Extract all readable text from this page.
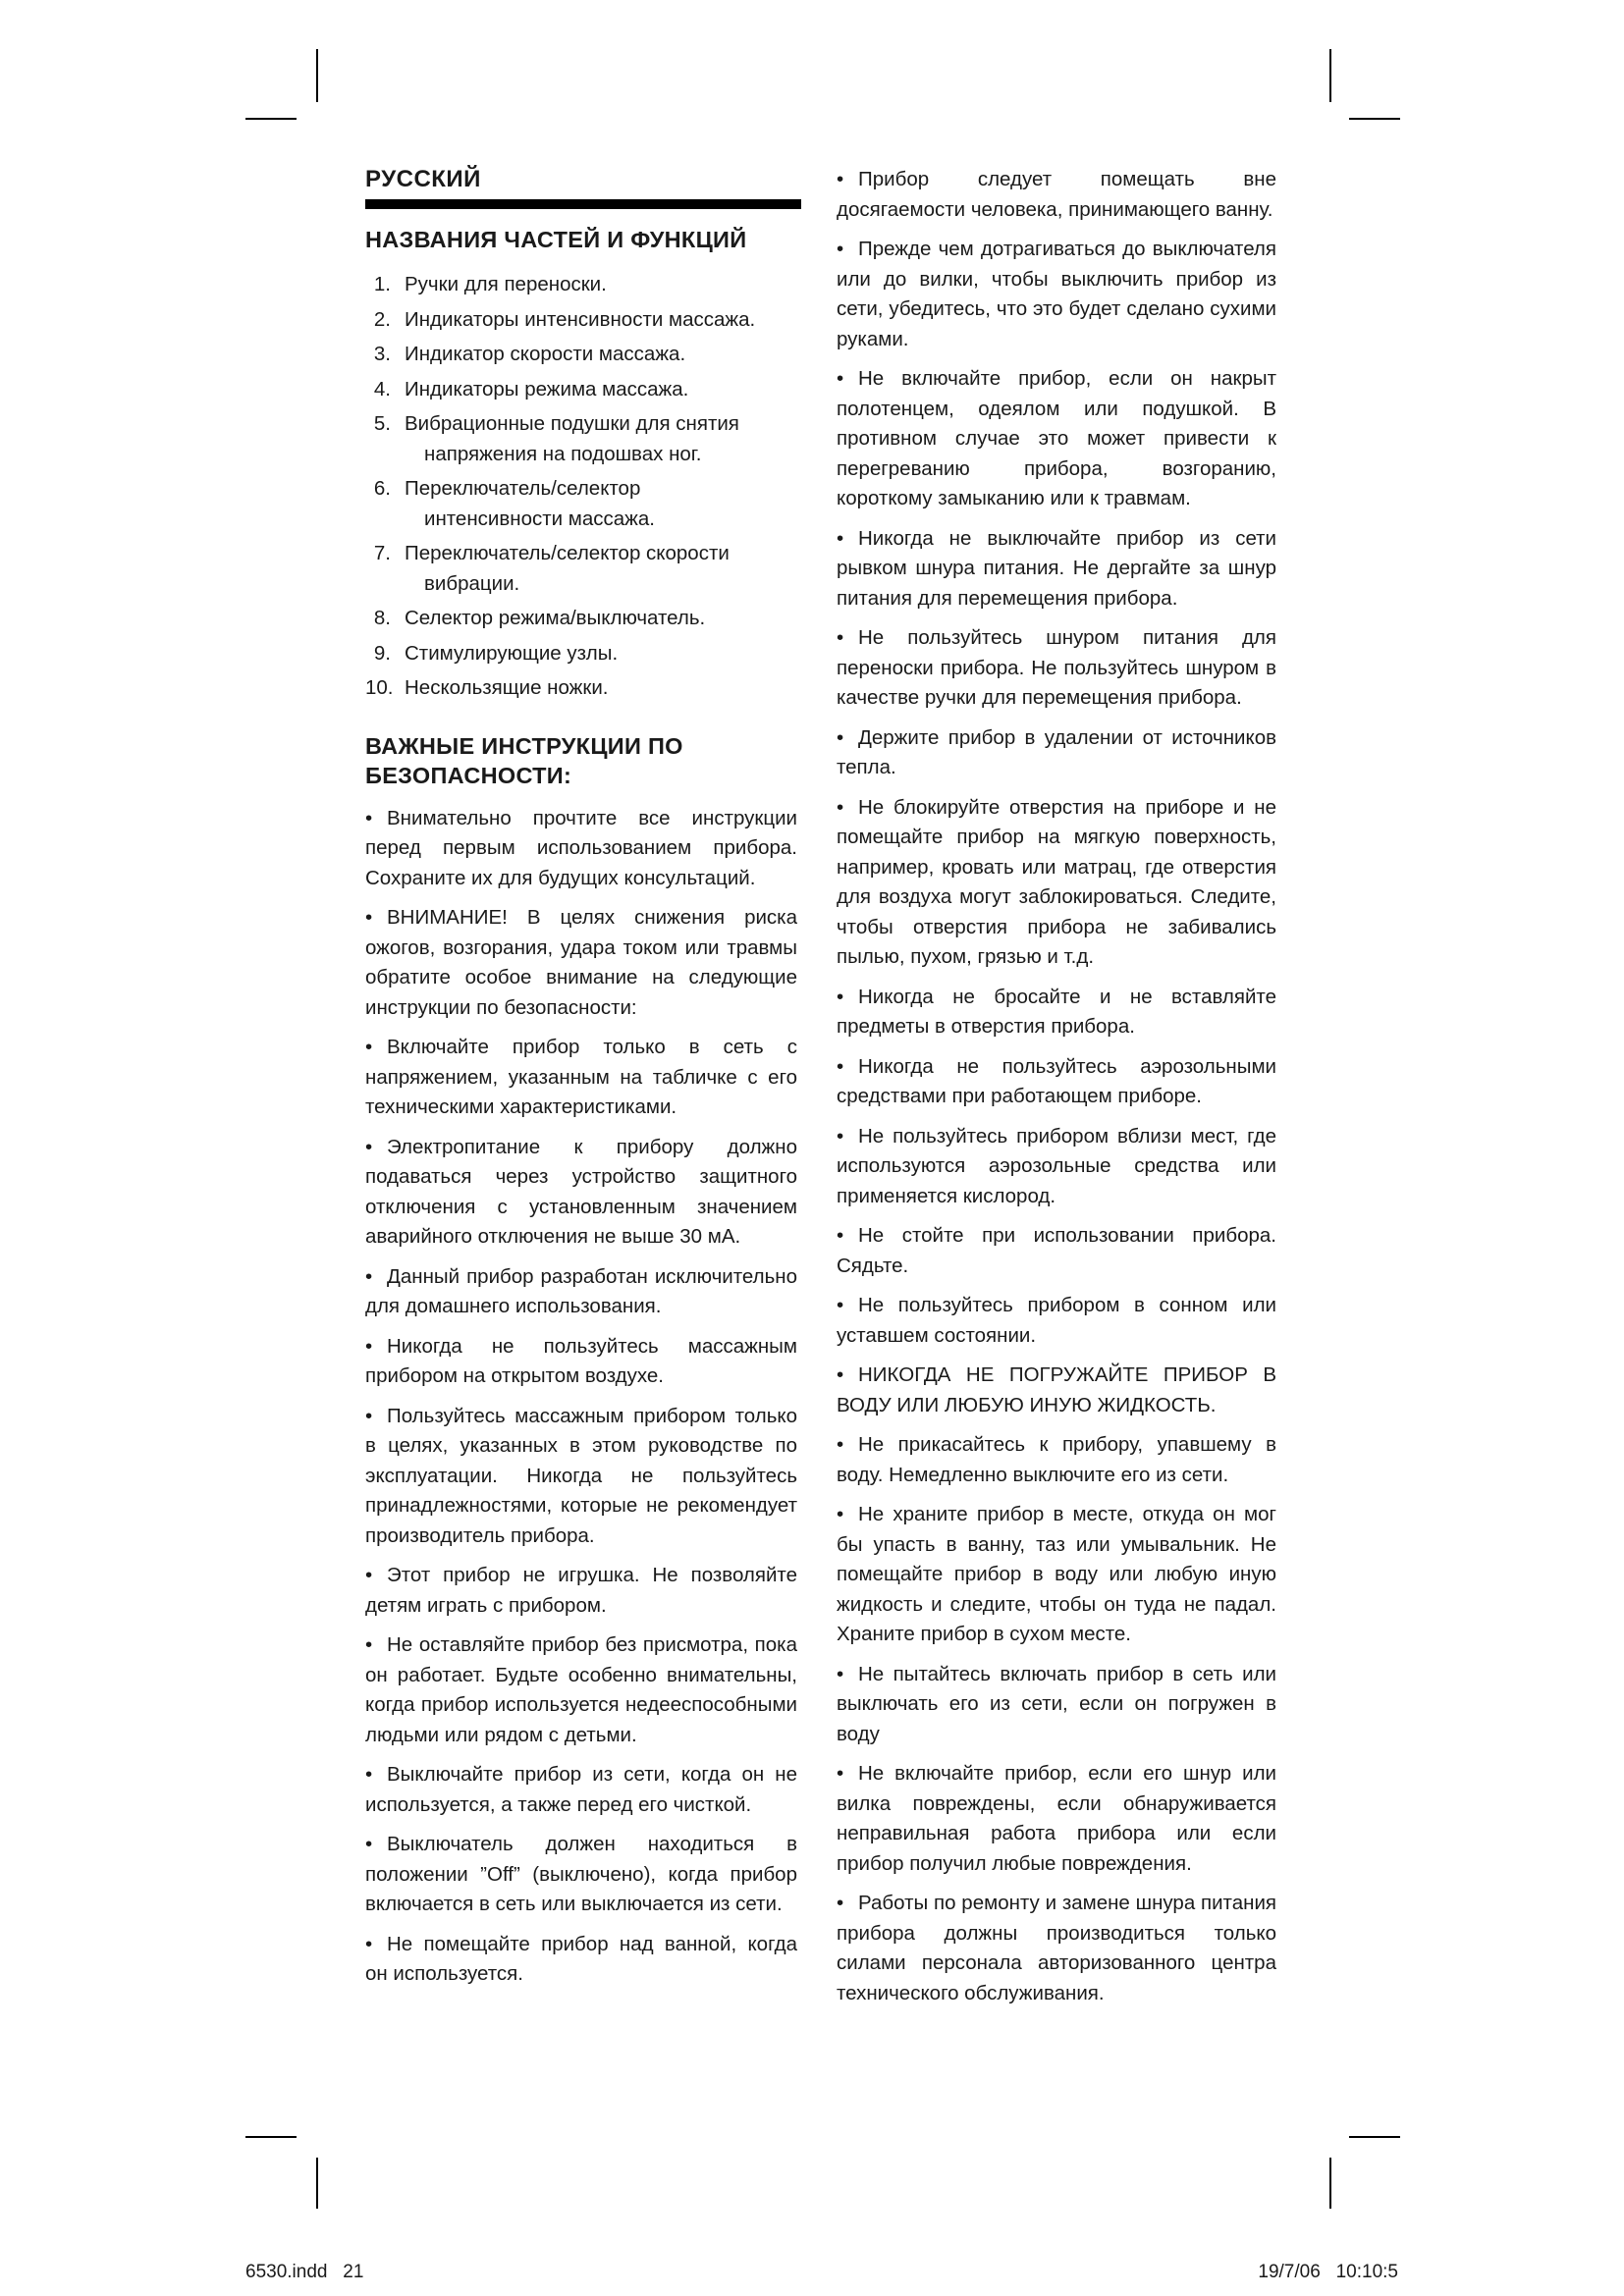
РУССКИЙ
НАЗВАНИЯ ЧАСТЕЙ И ФУНКЦИЙ
1. Ручки для переноски.
2. Индикаторы интенсивности массажа.
3. Индикатор скорости массажа.
4. Индикаторы режима массажа.
5. Вибрационные подушки для снятия
напряжения на подошвах ног.
6. Переключатель/селектор
интенсивности массажа.
7. Переключатель/селектор скорости
вибрации.
8. Селектор режима/выключатель.
9. Стимулирующие узлы.
10. Нескользящие ножки.
ВАЖНЫЕ ИНСТРУКЦИИ ПО БЕЗОПАСНОСТИ:

• Внимательно прочтите все инструкции перед первым использованием прибора. Сохраните их для будущих консультаций.

• ВНИМАНИЕ! В целях снижения риска ожогов, возгорания, удара током или травмы обратите особое внимание на следующие инструкции по безопасности:

• Включайте прибор только в сеть с напряжением, указанным на табличке с его техническими характеристиками.

• Электропитание к прибору должно подаваться через устройство защитного отключения с установленным значением аварийного отключения не выше 30 мА.

• Данный прибор разработан исключительно для домашнего использования.

• Никогда не пользуйтесь массажным прибором на открытом воздухе.

• Пользуйтесь массажным прибором только в целях, указанных в этом руководстве по эксплуатации. Никогда не пользуйтесь принадлежностями, которые не рекомендует производитель прибора.

• Этот прибор не игрушка. Не позволяйте детям играть с прибором.

• Не оставляйте прибор без присмотра, пока он работает. Будьте особенно внимательны, когда прибор используется недееспособными людьми или рядом с детьми.

• Выключайте прибор из сети, когда он не используется, а также перед его чисткой.

• Выключатель должен находиться в положении ”Off” (выключено), когда прибор включается в сеть или выключается из сети.

• Не помещайте прибор над ванной, когда он используется.

• Прибор следует помещать вне досягаемости человека, принимающего ванну.

• Прежде чем дотрагиваться до выключателя или до вилки, чтобы выключить прибор из сети, убедитесь, что это будет сделано сухими руками.

• Не включайте прибор, если он накрыт полотенцем, одеялом или подушкой. В противном случае это может привести к перегреванию прибора, возгоранию, короткому замыканию или к травмам.

• Никогда не выключайте прибор из сети рывком шнура питания. Не дергайте за шнур питания для перемещения прибора.

• Не пользуйтесь шнуром питания для переноски прибора. Не пользуйтесь шнуром в качестве ручки для перемещения прибора.

• Держите прибор в удалении от источников тепла.

• Не блокируйте отверстия на приборе и не помещайте прибор на мягкую поверхность, например, кровать или матрац, где отверстия для воздуха могут заблокироваться. Следите, чтобы отверстия прибора не забивались пылью, пухом, грязью и т.д.

• Никогда не бросайте и не вставляйте предметы в отверстия прибора.

• Никогда не пользуйтесь аэрозольными средствами при работающем приборе.

• Не пользуйтесь прибором вблизи мест, где используются аэрозольные средства или применяется кислород.

• Не стойте при использовании прибора. Сядьте.

• Не пользуйтесь прибором в сонном или уставшем состоянии.

• НИКОГДА НЕ ПОГРУЖАЙТЕ ПРИБОР В ВОДУ ИЛИ ЛЮБУЮ ИНУЮ ЖИДКОСТЬ.

• Не прикасайтесь к прибору, упавшему в воду. Немедленно выключите его из сети.

• Не храните прибор в месте, откуда он мог бы упасть в ванну, таз или умывальник. Не помещайте прибор в воду или любую иную жидкость и следите, чтобы он туда не падал. Храните прибор в сухом месте.

• Не пытайтесь включать прибор в сеть или выключать его из сети, если он погружен в воду

• Не включайте прибор, если его шнур или вилка повреждены, если обнаруживается неправильная работа прибора или если прибор получил любые повреждения.

• Работы по ремонту и замене шнура питания прибора должны производиться только силами персонала авторизованного центра технического обслуживания.

6530.indd   21	19/7/06   10:10:5
